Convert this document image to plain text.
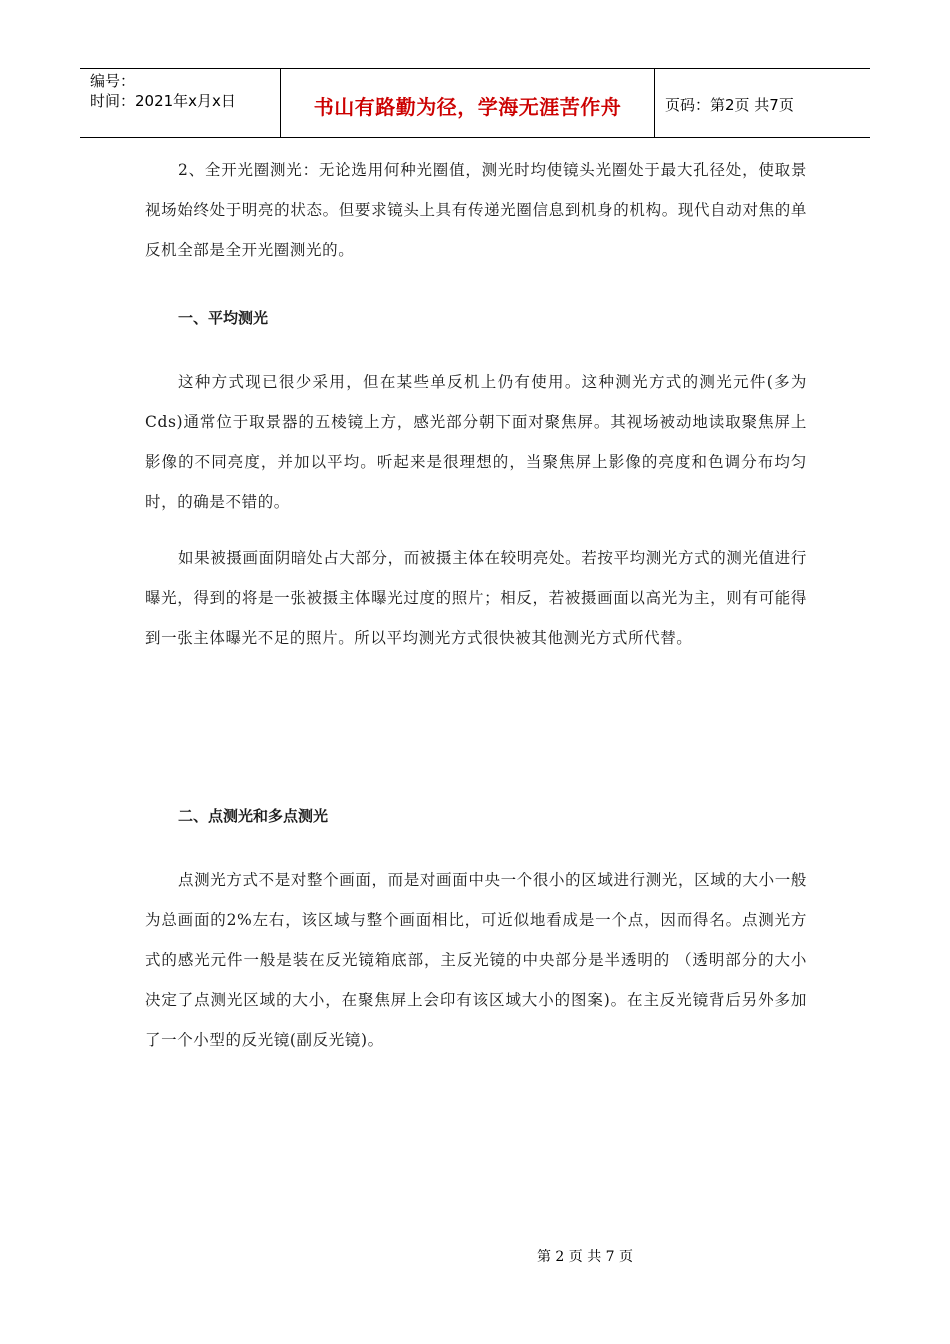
编号：
时间：2021年x月x日	书山有路勤为径，学海无涯苦作舟	页码：第2页 共7页

2、全开光圈测光：无论选用何种光圈值，测光时均使镜头光圈处于最大孔径处，使取景视场始终处于明亮的状态。但要求镜头上具有传递光圈信息到机身的机构。现代自动对焦的单反机全部是全开光圈测光的。

一、平均测光

这种方式现已很少采用，但在某些单反机上仍有使用。这种测光方式的测光元件(多为Cds)通常位于取景器的五棱镜上方，感光部分朝下面对聚焦屏。其视场被动地读取聚焦屏上影像的不同亮度，并加以平均。听起来是很理想的，当聚焦屏上影像的亮度和色调分布均匀时，的确是不错的。

如果被摄画面阴暗处占大部分，而被摄主体在较明亮处。若按平均测光方式的测光值进行曝光，得到的将是一张被摄主体曝光过度的照片；相反，若被摄画面以高光为主，则有可能得到一张主体曝光不足的照片。所以平均测光方式很快被其他测光方式所代替。

二、点测光和多点测光

点测光方式不是对整个画面，而是对画面中央一个很小的区域进行测光，区域的大小一般为总画面的2%左右，该区域与整个画面相比，可近似地看成是一个点，因而得名。点测光方式的感光元件一般是装在反光镜箱底部，主反光镜的中央部分是半透明的 （透明部分的大小决定了点测光区域的大小，在聚焦屏上会印有该区域大小的图案)。在主反光镜背后另外多加了一个小型的反光镜(副反光镜)。

第 2 页 共 7 页
